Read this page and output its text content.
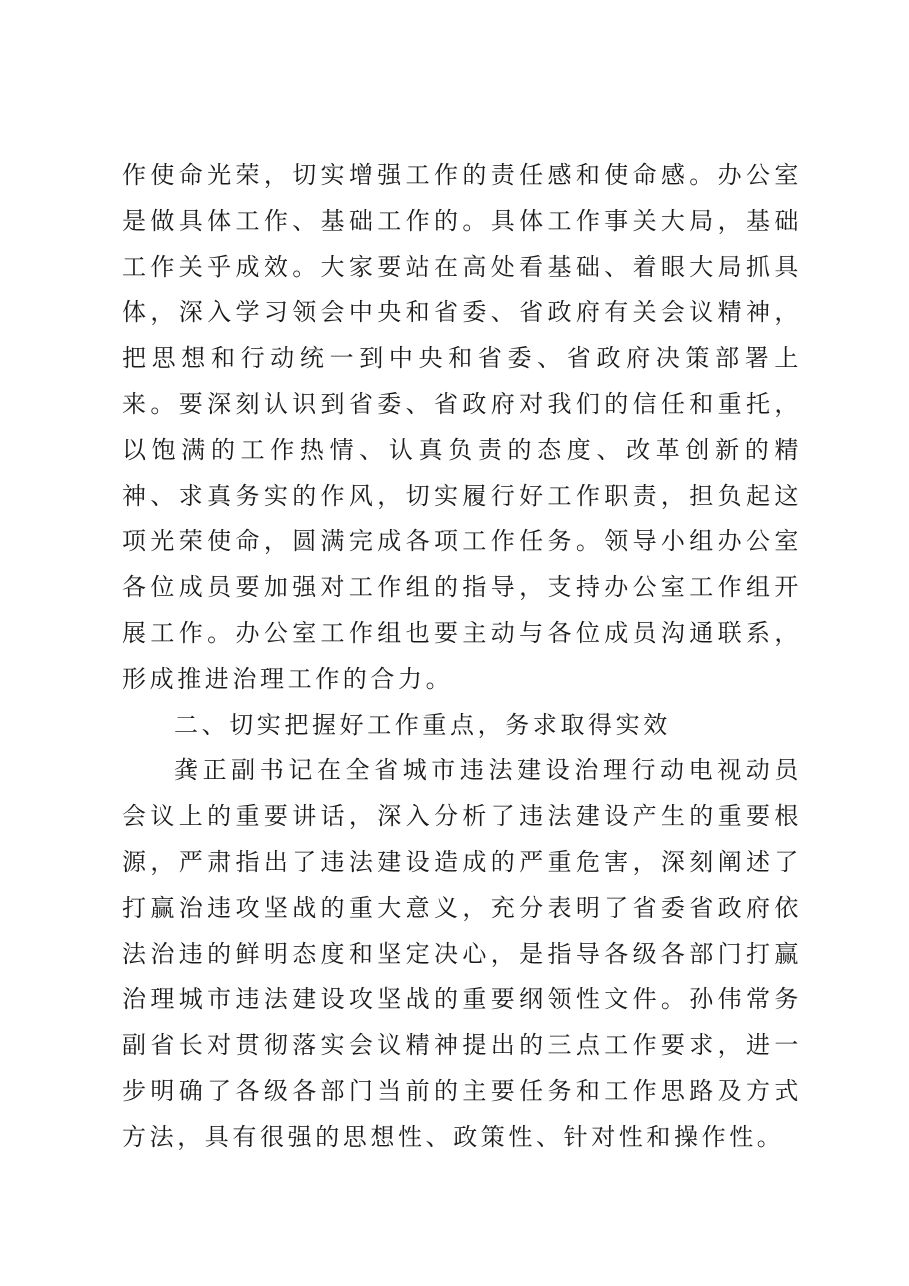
作使命光荣，切实增强工作的责任感和使命感。办公室是做具体工作、基础工作的。具体工作事关大局，基础工作关乎成效。大家要站在高处看基础、着眼大局抓具体，深入学习领会中央和省委、省政府有关会议精神，把思想和行动统一到中央和省委、省政府决策部署上来。要深刻认识到省委、省政府对我们的信任和重托，以饱满的工作热情、认真负责的态度、改革创新的精神、求真务实的作风，切实履行好工作职责，担负起这项光荣使命，圆满完成各项工作任务。领导小组办公室各位成员要加强对工作组的指导，支持办公室工作组开展工作。办公室工作组也要主动与各位成员沟通联系，形成推进治理工作的合力。

二、切实把握好工作重点，务求取得实效

龚正副书记在全省城市违法建设治理行动电视动员会议上的重要讲话，深入分析了违法建设产生的重要根源，严肃指出了违法建设造成的严重危害，深刻阐述了打赢治违攻坚战的重大意义，充分表明了省委省政府依法治违的鲜明态度和坚定决心，是指导各级各部门打赢治理城市违法建设攻坚战的重要纲领性文件。孙伟常务副省长对贯彻落实会议精神提出的三点工作要求，进一步明确了各级各部门当前的主要任务和工作思路及方式方法，具有很强的思想性、政策性、针对性和操作性。
